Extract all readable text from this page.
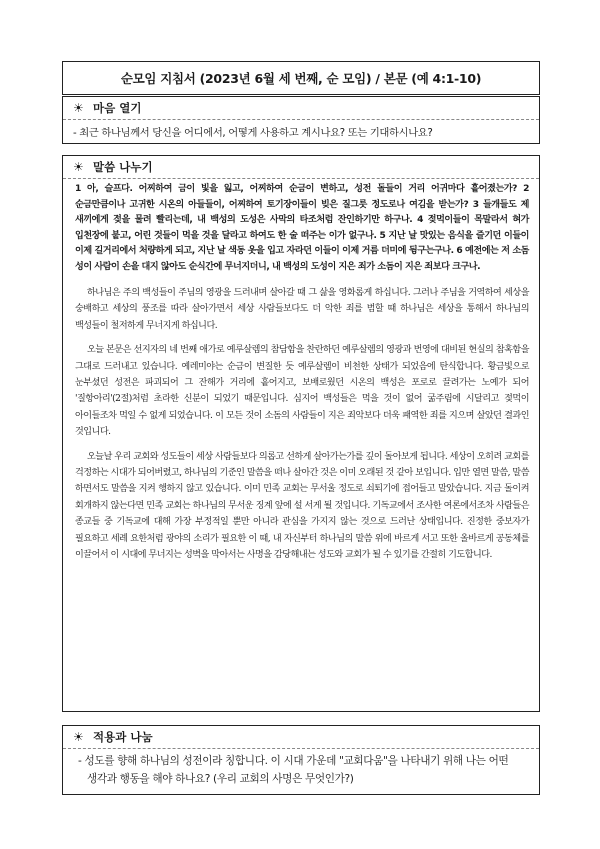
순모임 지침서 (2023년 6월 세 번째, 순 모임) / 본문 (예 4:1-10)
☀ 마음 열기
- 최근 하나님께서 당신을 어디에서, 어떻게 사용하고 계시나요? 또는 기대하시나요?
☀ 말씀 나누기
1 아, 슬프다. 어찌하여 금이 빛을 잃고, 어찌하여 순금이 변하고, 성전 돌들이 거리 어귀마다 흩어졌는가? 2 순금만큼이나 고귀한 시온의 아들들이, 어찌하여 토기장이들이 빚은 질그릇 정도로나 여김을 받는가? 3 들개들도 제 새끼에게 젖을 물려 빨리는데, 내 백성의 도성은 사막의 타조처럼 잔인하기만 하구나. 4 젖먹이들이 목말라서 혀가 입천장에 붙고, 어린 것들이 먹을 것을 달라고 하여도 한 술 떠주는 이가 없구나. 5 지난 날 맛있는 음식을 즐기던 이들이 이제 길거리에서 처량하게 되고, 지난 날 색동 옷을 입고 자라던 이들이 이제 거름 더미에 뒹구는구나. 6 예전에는 저 소돔 성이 사람이 손을 대지 않아도 순식간에 무너지더니, 내 백성의 도성이 지은 죄가 소돔이 지은 죄보다 크구나.

하나님은 주의 백성들이 주님의 영광을 드러내며 살아갈 때 그 삶을 영화롭게 하십니다. 그러나 주님을 거역하여 세상을 숭배하고 세상의 풍조를 따라 살아가면서 세상 사람들보다도 더 악한 죄를 범할 때 하나님은 세상을 통해서 하나님의 백성들이 철저하게 무너지게 하십니다.

오늘 본문은 선지자의 네 번째 애가로 예루살렘의 참담함을 찬란하던 예루살렘의 영광과 번영에 대비된 현실의 참혹함을 그대로 드러내고 있습니다. 예레미야는 순금이 변질한 듯 예루살렘이 비천한 상태가 되었음에 탄식합니다. 황금빛으로 눈부셨던 성전은 파괴되어 그 잔해가 거리에 흩어지고, 보배로웠던 시온의 백성은 포로로 끌려가는 노예가 되어 '질항아리'(2절)처럼 초라한 신분이 되었기 때문입니다. 심지어 백성들은 먹을 것이 없어 굶주림에 시달리고 젖먹이 아이들조차 먹일 수 없게 되었습니다. 이 모든 것이 소돔의 사람들이 지은 죄악보다 더욱 패역한 죄를 지으며 살았던 결과인 것입니다.

오늘날 우리 교회와 성도들이 세상 사람들보다 의롭고 선하게 살아가는가를 깊이 돌아보게 됩니다. 세상이 오히려 교회를 걱정하는 시대가 되어버렸고, 하나님의 기준인 말씀을 떠나 살아간 것은 이미 오래된 것 같아 보입니다. 입만 열면 말씀, 말씀 하면서도 말씀을 지켜 행하지 않고 있습니다. 이미 민족 교회는 무서울 정도로 쇠퇴기에 접어들고 말았습니다. 지금 돌이켜 회개하지 않는다면 민족 교회는 하나님의 무서운 징계 앞에 설 서게 될 것입니다. 기독교에서 조사한 여론에서조차 사람들은 종교들 중 기독교에 대해 가장 부정적일 뿐만 아니라 관심을 가지지 않는 것으로 드러난 상태입니다. 진정한 중보자가 필요하고 세례 요한처럼 광야의 소리가 필요한 이 때, 내 자신부터 하나님의 말씀 위에 바르게 서고 또한 올바르게 공동체를 이끌어서 이 시대에 무너지는 성벽을 막아서는 사명을 감당해내는 성도와 교회가 될 수 있기를 간절히 기도합니다.

☀ 적용과 나눔
- 성도를 향해 하나님의 성전이라 칭합니다. 이 시대 가운데 "교회다움"을 나타내기 위해 나는 어떤 생각과 행동을 해야 하나요? (우리 교회의 사명은 무엇인가?)
